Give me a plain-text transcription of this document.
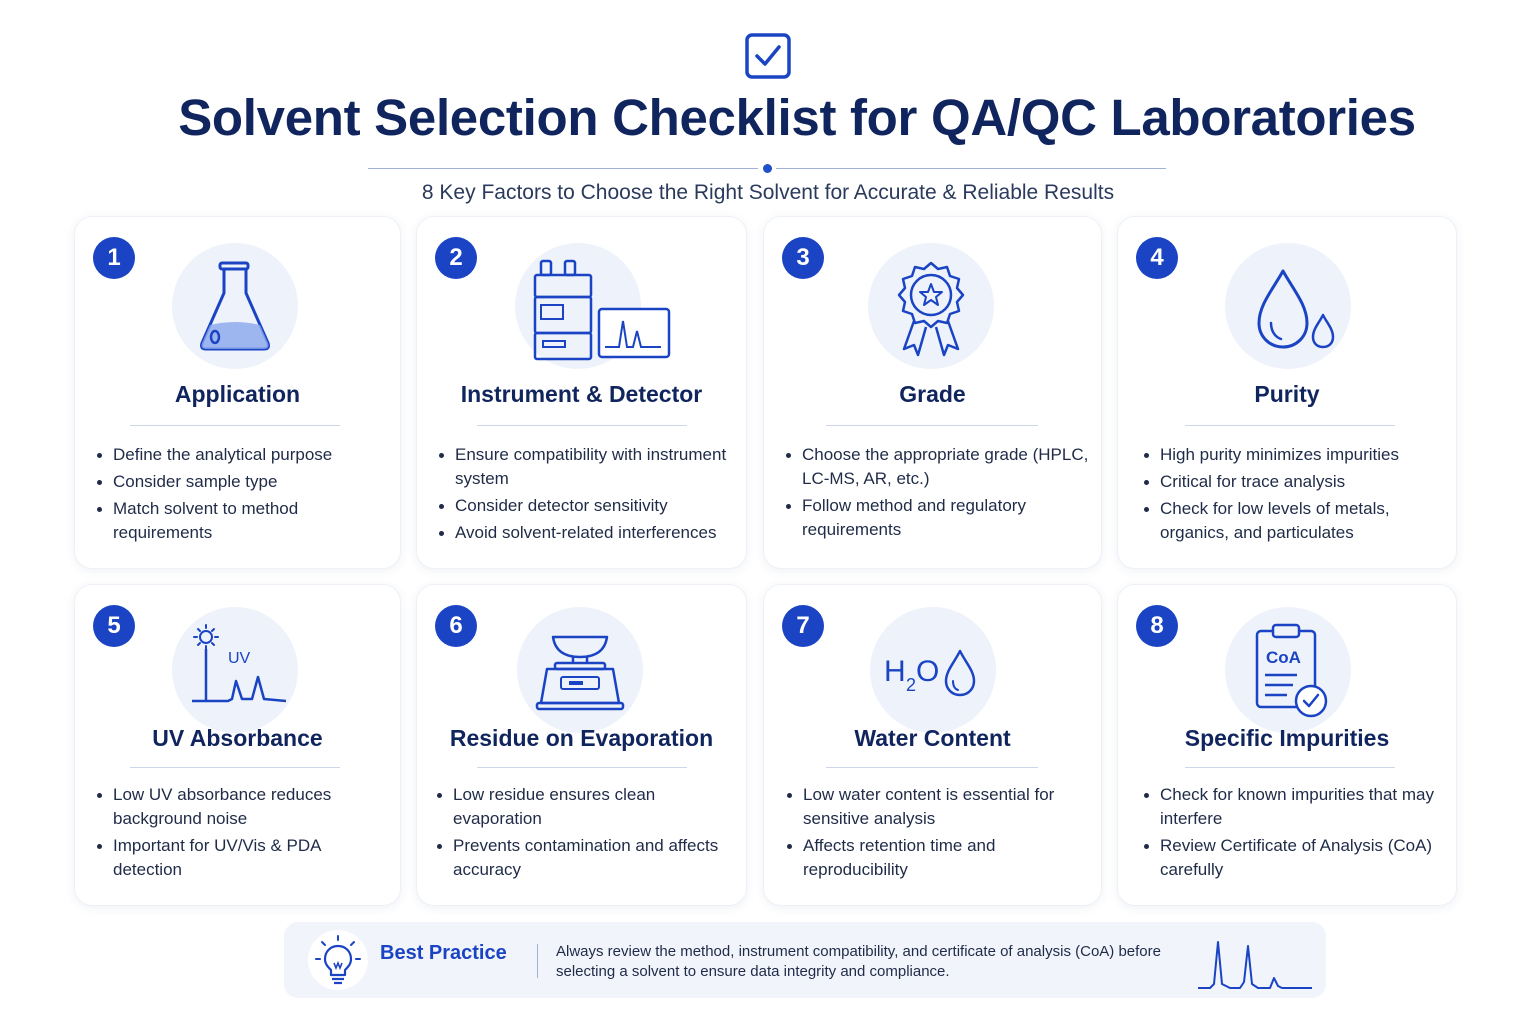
Solvent Selection Checklist for QA/QC Laboratories
8 Key Factors to Choose the Right Solvent for Accurate & Reliable Results
1
Application
Define the analytical purpose
Consider sample type
Match solvent to method requirements
2
Instrument & Detector
Ensure compatibility with instrument system
Consider detector sensitivity
Avoid solvent-related interferences
3
Grade
Choose the appropriate grade (HPLC, LC-MS, AR, etc.)
Follow method and regulatory requirements
4
Purity
High purity minimizes impurities
Critical for trace analysis
Check for low levels of metals, organics, and particulates
5
UV
UV Absorbance
Low UV absorbance reduces background noise
Important for UV/Vis & PDA detection
6
Residue on Evaporation
Low residue ensures clean evaporation
Prevents contamination and affects accuracy
7
H 2 O
Water Content
Low water content is essential for sensitive analysis
Affects retention time and reproducibility
8
CoA
Specific Impurities
Check for known impurities that may interfere
Review Certificate of Analysis (CoA) carefully
Best Practice	Always review the method, instrument compatibility, and certificate of analysis (CoA) before selecting a solvent to ensure data integrity and compliance.
